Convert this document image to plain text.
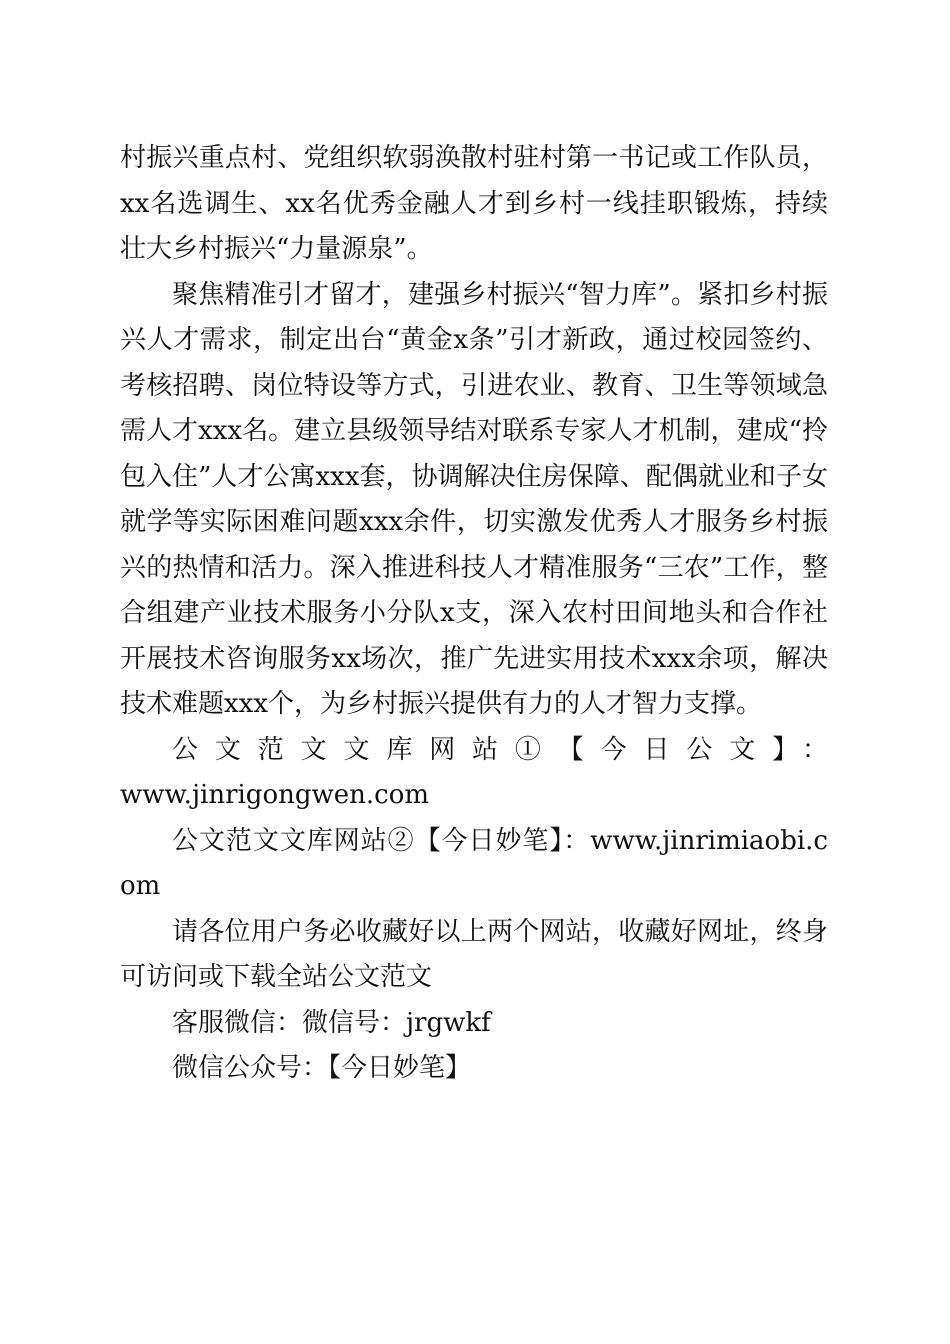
村振兴重点村、党组织软弱涣散村驻村第一书记或工作队员，xx名选调生、xx名优秀金融人才到乡村一线挂职锻炼，持续壮大乡村振兴“力量源泉”。

聚焦精准引才留才，建强乡村振兴“智力库”。紧扣乡村振兴人才需求，制定出台“黄金x条”引才新政，通过校园签约、考核招聘、岗位特设等方式，引进农业、教育、卫生等领域急需人才xxx名。建立县级领导结对联系专家人才机制，建成“拎包入住”人才公寓xxx套，协调解决住房保障、配偶就业和子女就学等实际困难问题xxx余件，切实激发优秀人才服务乡村振兴的热情和活力。深入推进科技人才精准服务“三农”工作，整合组建产业技术服务小分队x支，深入农村田间地头和合作社开展技术咨询服务xx场次，推广先进实用技术xxx余项，解决技术难题xxx个，为乡村振兴提供有力的人才智力支撑。

公文范文文库网站①【今日公文】：

www.jinrigongwen.com

公文范文文库网站②【今日妙笔】：www.jinrimiaobi.com

请各位用户务必收藏好以上两个网站，收藏好网址，终身可访问或下载全站公文范文

客服微信：微信号：jrgwkf

微信公众号：【今日妙笔】
